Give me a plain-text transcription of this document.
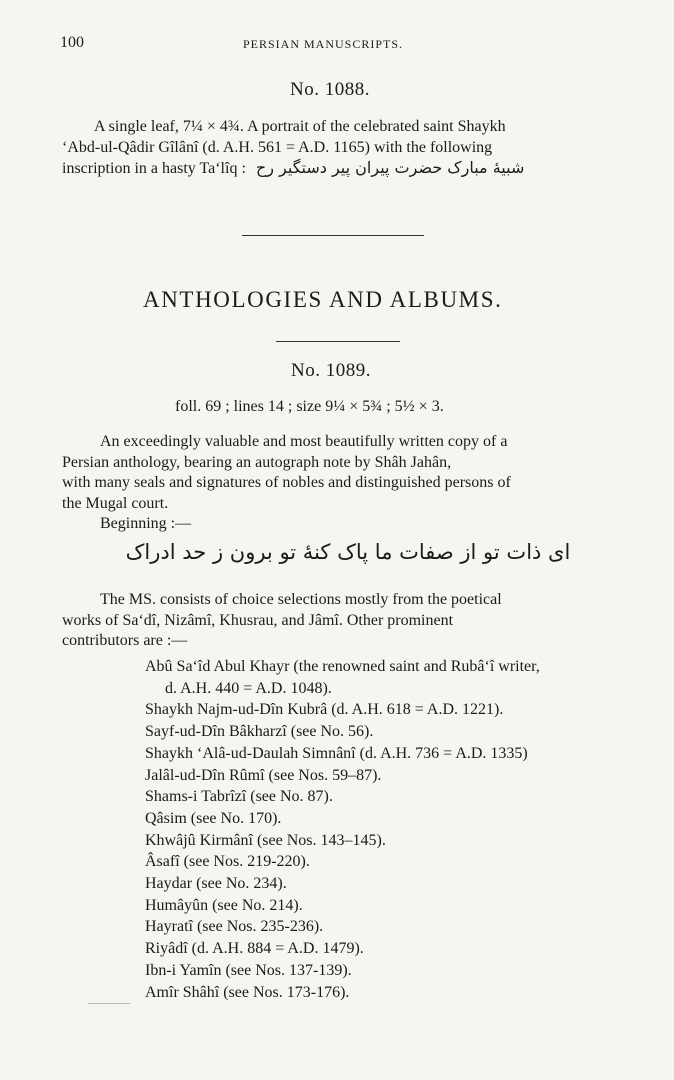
100	PERSIAN MANUSCRIPTS.
No. 1088.
A single leaf, 7¼ × 4¾. A portrait of the celebrated saint Shaykh
‘Abd-ul-Qâdir Gîlânî (d. A.H. 561 = A.D. 1165) with the following
inscription in a hasty Ta‘lîq : شبیهٔ مبارک حضرت پیران پیر دستگیر رح
ANTHOLOGIES AND ALBUMS.
No. 1089.
foll. 69 ; lines 14 ; size 9¼ × 5¾ ; 5½ × 3.
An exceedingly valuable and most beautifully written copy of a
Persian anthology, bearing an autograph note by Shâh Jahân,
with many seals and signatures of nobles and distinguished persons of
the Mugal court.
Beginning :—
ای ذات تو از صفات ما پاک کنهٔ تو برون ز حد ادراک
The MS. consists of choice selections mostly from the poetical
works of Sa‘dî, Nizâmî, Khusrau, and Jâmî. Other prominent
contributors are :—
Abû Sa‘îd Abul Khayr (the renowned saint and Rubâ‘î writer,
d. A.H. 440 = A.D. 1048).
Shaykh Najm-ud-Dîn Kubrâ (d. A.H. 618 = A.D. 1221).
Sayf-ud-Dîn Bâkharzî (see No. 56).
Shaykh ‘Alâ-ud-Daulah Simnânî (d. A.H. 736 = A.D. 1335)
Jalâl-ud-Dîn Rûmî (see Nos. 59–87).
Shams-i Tabrîzî (see No. 87).
Qâsim (see No. 170).
Khwâjû Kirmânî (see Nos. 143–145).
Âsafî (see Nos. 219-220).
Haydar (see No. 234).
Humâyûn (see No. 214).
Hayratî (see Nos. 235-236).
Riyâdî (d. A.H. 884 = A.D. 1479).
Ibn-i Yamîn (see Nos. 137-139).
Amîr Shâhî (see Nos. 173-176).
